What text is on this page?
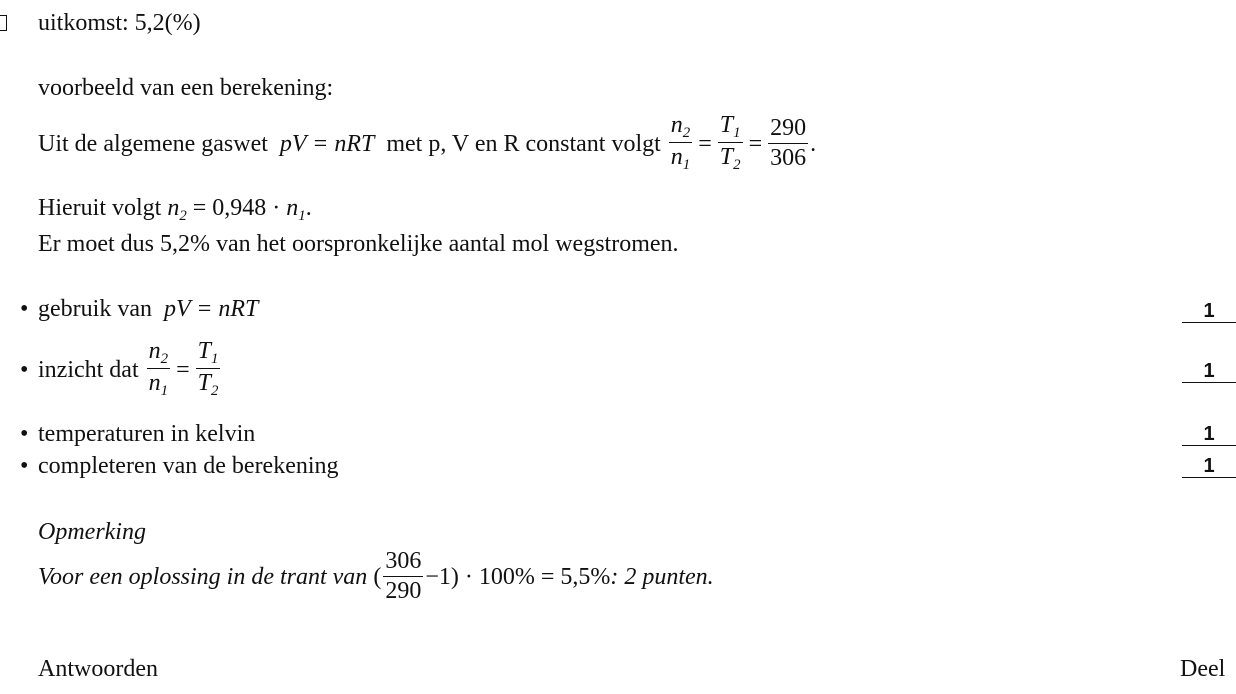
uitkomst: 5,2(%)
voorbeeld van een berekening:
Uit de algemene gaswet pV = nRT met p, V en R constant volgt $\frac{n_2}{n_1} = \frac{T_1}{T_2} = \frac{290}{306}$ .
Hieruit volgt $n_2 = 0,948 \cdot n_1$.
Er moet dus 5,2% van het oorspronkelijke aantal mol wegstromen.
• gebruik van pV = nRT	1
• inzicht dat $\frac{n_2}{n_1} = \frac{T_1}{T_2}$	1
• temperaturen in kelvin	1
• completeren van de berekening	1
Opmerking
Voor een oplossing in de trant van ( $\frac{306}{290} -1) \cdot 100\% = 5,5\%$: 2 punten.
Antwoorden	Deel
